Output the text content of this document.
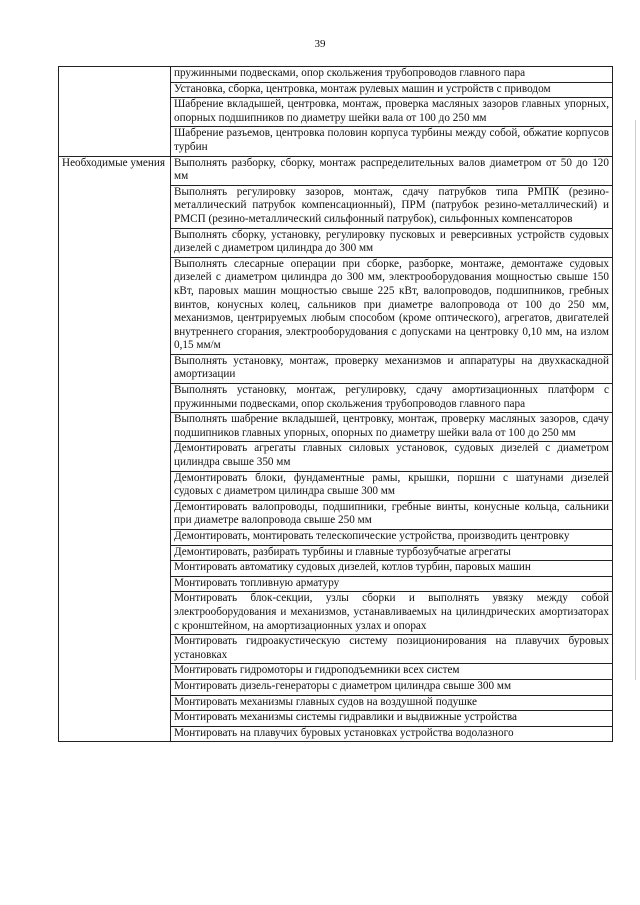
39
	пружинными подвесками, опор скольжения трубопроводов главного пара
	Установка, сборка, центровка, монтаж рулевых машин и устройств с приводом
	Шабрение вкладышей, центровка, монтаж, проверка масляных зазоров главных упорных, опорных подшипников по диаметру шейки вала от 100 до 250 мм
	Шабрение разъемов, центровка половин корпуса турбины между собой, обжатие корпусов турбин
Необходимые умения	Выполнять разборку, сборку, монтаж распределительных валов диаметром от 50 до 120 мм
	Выполнять регулировку зазоров, монтаж, сдачу патрубков типа РМПК (резино-металлический патрубок компенсационный), ПРМ (патрубок резино-металлический) и РМСП (резино-металлический сильфонный патрубок), сильфонных компенсаторов
	Выполнять сборку, установку, регулировку пусковых и реверсивных устройств судовых дизелей с диаметром цилиндра до 300 мм
	Выполнять слесарные операции при сборке, разборке, монтаже, демонтаже судовых дизелей с диаметром цилиндра до 300 мм, электрооборудования мощностью свыше 150 кВт, паровых машин мощностью свыше 225 кВт, валопроводов, подшипников, гребных винтов, конусных колец, сальников при диаметре валопровода от 100 до 250 мм, механизмов, центрируемых любым способом (кроме оптического), агрегатов, двигателей внутреннего сгорания, электрооборудования с допусками на центровку 0,10 мм, на излом 0,15 мм/м
	Выполнять установку, монтаж, проверку механизмов и аппаратуры на двухкаскадной амортизации
	Выполнять установку, монтаж, регулировку, сдачу амортизационных платформ с пружинными подвесками, опор скольжения трубопроводов главного пара
	Выполнять шабрение вкладышей, центровку, монтаж, проверку масляных зазоров, сдачу подшипников главных упорных, опорных по диаметру шейки вала от 100 до 250 мм
	Демонтировать агрегаты главных силовых установок, судовых дизелей с диаметром цилиндра свыше 350 мм
	Демонтировать блоки, фундаментные рамы, крышки, поршни с шатунами дизелей судовых с диаметром цилиндра свыше 300 мм
	Демонтировать валопроводы, подшипники, гребные винты, конусные кольца, сальники при диаметре валопровода свыше 250 мм
	Демонтировать, монтировать телескопические устройства, производить центровку
	Демонтировать, разбирать турбины и главные турбозубчатые агрегаты
	Монтировать автоматику судовых дизелей, котлов турбин, паровых машин
	Монтировать топливную арматуру
	Монтировать блок-секции, узлы сборки и выполнять увязку между собой электрооборудования и механизмов, устанавливаемых на цилиндрических амортизаторах с кронштейном, на амортизационных узлах и опорах
	Монтировать гидроакустическую систему позиционирования на плавучих буровых установках
	Монтировать гидромоторы и гидроподъемники всех систем
	Монтировать дизель-генераторы с диаметром цилиндра свыше 300 мм
	Монтировать механизмы главных судов на воздушной подушке
	Монтировать механизмы системы гидравлики и выдвижные устройства
	Монтировать на плавучих буровых установках устройства водолазного
